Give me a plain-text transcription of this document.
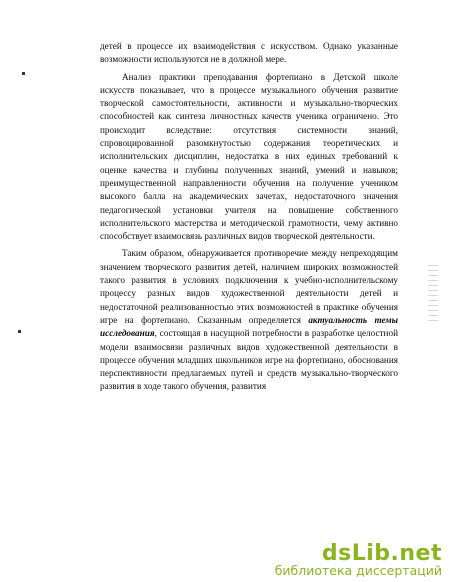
детей в процессе их взаимодействия с искусством. Однако указанные возможности используются не в должной мере.

Анализ практики преподавания фортепиано в Детской школе искусств показывает, что в процессе музыкального обучения развитие творческой самостоятельности, активности и музыкально-творческих способностей как синтеза личностных качеств ученика ограничено. Это происходит вследствие: отсутствия системности знаний, спровоцированной разомкнутостью содержания теоретических и исполнительских дисциплин, недостатка в них единых требований к оценке качества и глубины полученных знаний, умений и навыков; преимущественной направленности обучения на получение учеником высокого балла на академических зачетах, недостаточного значения педагогической установки учителя на повышение собственного исполнительского мастерства и методической грамотности, чему активно способствует взаимосвязь различных видов творческой деятельности.

Таким образом, обнаруживается противоречие между непреходящим значением творческого развития детей, наличием широких возможностей такого развития в условиях подключения к учебно-исполнительскому процессу разных видов художественной деятельности детей и недостаточной реализованностью этих возможностей в практике обучения игре на фортепиано. Сказанным определяется актуальность темы исследования, состоящая в насущной потребности в разработке целостной модели взаимосвязи различных видов художественной деятельности в процессе обучения младших школьников игре на фортепиано, обоснования перспективности предлагаемых путей и средств музыкально-творческого развития в ходе такого обучения, развития

dsLib.net
библиотека диссертаций
